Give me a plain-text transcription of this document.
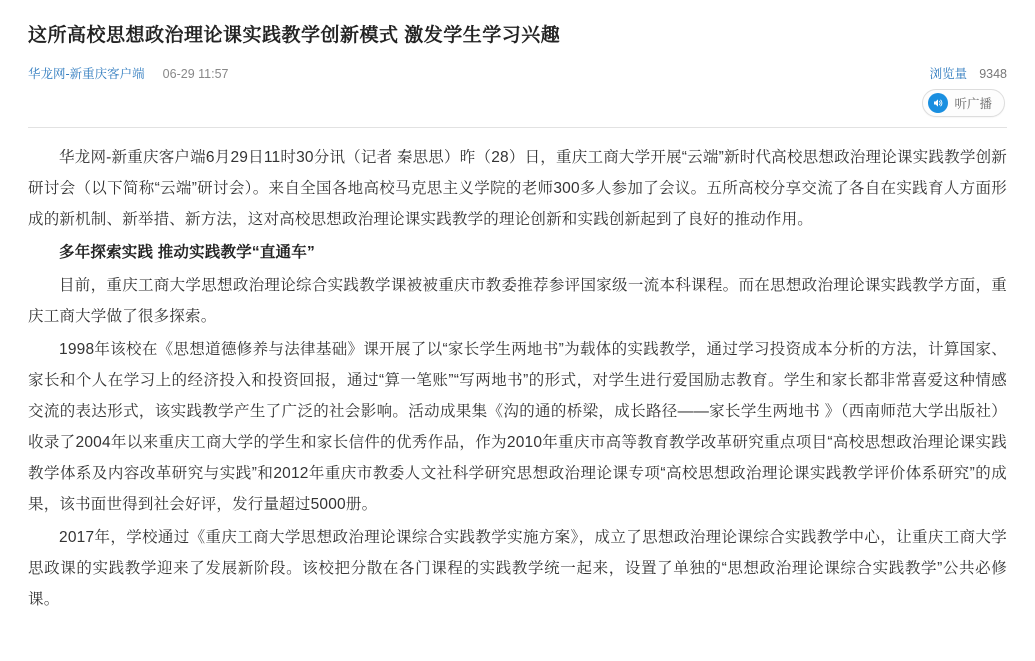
这所高校思想政治理论课实践教学创新模式 激发学生学习兴趣
华龙网-新重庆客户端 06-29 11:57	浏览量 9348
听广播

华龙网-新重庆客户端6月29日11时30分讯（记者 秦思思）昨（28）日，重庆工商大学开展“云端”新时代高校思想政治理论课实践教学创新研讨会（以下简称“云端”研讨会）。来自全国各地高校马克思主义学院的老师300多人参加了会议。五所高校分享交流了各自在实践育人方面形成的新机制、新举措、新方法，这对高校思想政治理论课实践教学的理论创新和实践创新起到了良好的推动作用。

多年探索实践 推动实践教学“直通车”

目前，重庆工商大学思想政治理论综合实践教学课被被重庆市教委推荐参评国家级一流本科课程。而在思想政治理论课实践教学方面，重庆工商大学做了很多探索。

1998年该校在《思想道德修养与法律基础》课开展了以“家长学生两地书”为载体的实践教学，通过学习投资成本分析的方法，计算国家、家长和个人在学习上的经济投入和投资回报，通过“算一笔账”“写两地书”的形式，对学生进行爱国励志教育。学生和家长都非常喜爱这种情感交流的表达形式，该实践教学产生了广泛的社会影响。活动成果集《沟的通的桥梁，成长路径——家长学生两地书 》（西南师范大学出版社）收录了2004年以来重庆工商大学的学生和家长信件的优秀作品，作为2010年重庆市高等教育教学改革研究重点项目“高校思想政治理论课实践教学体系及内容改革研究与实践”和2012年重庆市教委人文社科学研究思想政治理论课专项“高校思想政治理论课实践教学评价体系研究”的成果，该书面世得到社会好评，发行量超过5000册。

2017年，学校通过《重庆工商大学思想政治理论课综合实践教学实施方案》，成立了思想政治理论课综合实践教学中心，让重庆工商大学思政课的实践教学迎来了发展新阶段。该校把分散在各门课程的实践教学统一起来，设置了单独的“思想政治理论课综合实践教学”公共必修课。
